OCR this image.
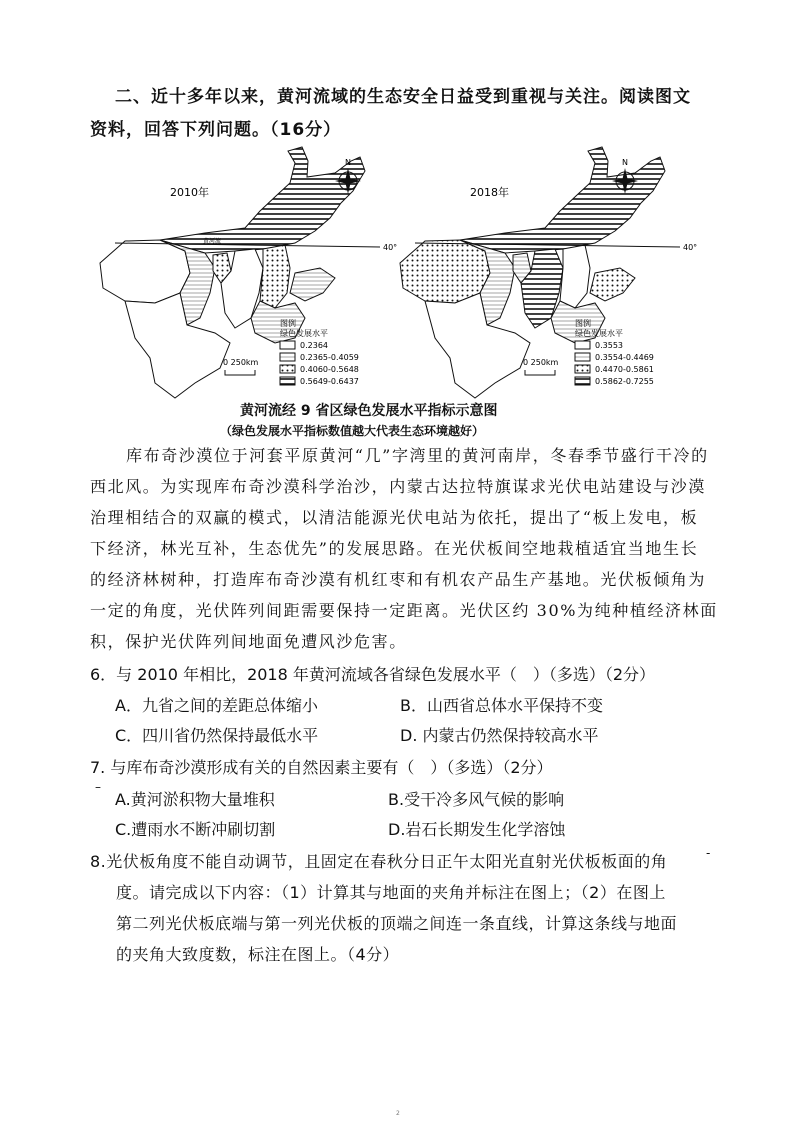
二、近十多年以来，黄河流域的生态安全日益受到重视与关注。阅读图文
资料，回答下列问题。（16分）
2010年
40°
黄河流
N
0 250km
图例
绿色发展水平
0.2364
0.2365-0.4059
0.4060-0.5648
0.5649-0.6437
2018年
40°
N
0 250km
图例
绿色发展水平
0.3553
0.3554-0.4469
0.4470-0.5861
0.5862-0.7255
黄河流经 9 省区绿色发展水平指标示意图
（绿色发展水平指标数值越大代表生态环境越好）
库布奇沙漠位于河套平原黄河“几”字湾里的黄河南岸，冬春季节盛行干冷的
西北风。为实现库布奇沙漠科学治沙，内蒙古达拉特旗谋求光伏电站建设与沙漠
治理相结合的双赢的模式，以清洁能源光伏电站为依托，提出了“板上发电，板
下经济，林光互补，生态优先”的发展思路。在光伏板间空地栽植适宜当地生长
的经济林树种，打造库布奇沙漠有机红枣和有机农产品生产基地。光伏板倾角为
一定的角度，光伏阵列间距需要保持一定距离。光伏区约 30%为纯种植经济林面
积，保护光伏阵列间地面免遭风沙危害。
6．与 2010 年相比，2018 年黄河流域各省绿色发展水平（　）（多选）（2分）
A．九省之间的差距总体缩小	B．山西省总体水平保持不变
C．四川省仍然保持最低水平	D. 内蒙古仍然保持较高水平
7. 与库布奇沙漠形成有关的自然因素主要有（　）（多选）（2分）
–
A.黄河淤积物大量堆积	B.受干冷多风气候的影响
C.遭雨水不断冲刷切割	D.岩石长期发生化学溶蚀
8.光伏板角度不能自动调节，且固定在春秋分日正午太阳光直射光伏板板面的角
度。请完成以下内容：（1）计算其与地面的夹角并标注在图上；（2）在图上
第二列光伏板底端与第一列光伏板的顶端之间连一条直线，计算这条线与地面
的夹角大致度数，标注在图上。（4分）
-
2
